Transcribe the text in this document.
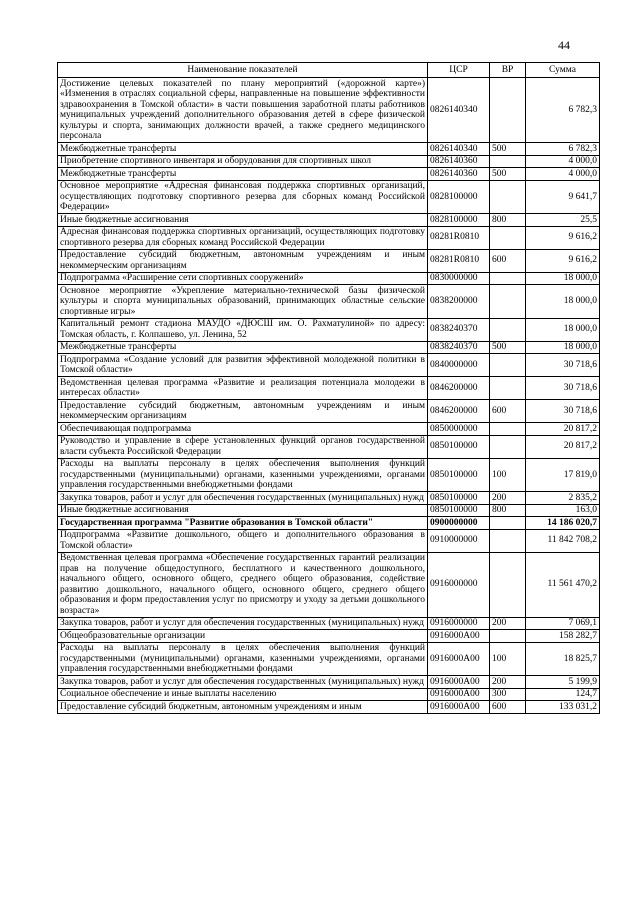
44
Наименование показателей	ЦСР	ВР	Сумма
Достижение целевых показателей по плану мероприятий («дорожной карте») «Изменения в отраслях социальной сферы, направленные на повышение эффективности здравоохранения в Томской области» в части повышения заработной платы работников муниципальных учреждений дополнительного образования детей в сфере физической культуры и спорта, занимающих должности врачей, а также среднего медицинского персонала	0826140340		6 782,3
Межбюджетные трансферты	0826140340	500	6 782,3
Приобретение спортивного инвентаря и оборудования для спортивных школ	0826140360		4 000,0
Межбюджетные трансферты	0826140360	500	4 000,0
Основное мероприятие «Адресная финансовая поддержка спортивных организаций, осуществляющих подготовку спортивного резерва для сборных команд Российской Федерации»	0828100000		9 641,7
Иные бюджетные ассигнования	0828100000	800	25,5
Адресная финансовая поддержка спортивных организаций, осуществляющих подготовку спортивного резерва для сборных команд Российской Федерации	08281R0810		9 616,2
Предоставление субсидий бюджетным, автономным учреждениям и иным некоммерческим организациям	08281R0810	600	9 616,2
Подпрограмма «Расширение сети спортивных сооружений»	0830000000		18 000,0
Основное мероприятие «Укрепление материально-технической базы физической культуры и спорта муниципальных образований, принимающих областные сельские спортивные игры»	0838200000		18 000,0
Капитальный ремонт стадиона МАУДО «ДЮСШ им. О. Рахматулиной» по адресу: Томская область, г. Колпашево, ул. Ленина, 52	0838240370		18 000,0
Межбюджетные трансферты	0838240370	500	18 000,0
Подпрограмма «Создание условий для развития эффективной молодежной политики в Томской области»	0840000000		30 718,6
Ведомственная целевая программа «Развитие и реализация потенциала молодежи в интересах области»	0846200000		30 718,6
Предоставление субсидий бюджетным, автономным учреждениям и иным некоммерческим организациям	0846200000	600	30 718,6
Обеспечивающая подпрограмма	0850000000		20 817,2
Руководство и управление в сфере установленных функций органов государственной власти субъекта Российской Федерации	0850100000		20 817,2
Расходы на выплаты персоналу в целях обеспечения выполнения функций государственными (муниципальными) органами, казенными учреждениями, органами управления государственными внебюджетными фондами	0850100000	100	17 819,0
Закупка товаров, работ и услуг для обеспечения государственных (муниципальных) нужд	0850100000	200	2 835,2
Иные бюджетные ассигнования	0850100000	800	163,0
Государственная программа "Развитие образования в Томской области"	0900000000		14 186 020,7
Подпрограмма «Развитие дошкольного, общего и дополнительного образования в Томской области»	0910000000		11 842 708,2
Ведомственная целевая программа «Обеспечение государственных гарантий реализации прав на получение общедоступного, бесплатного и качественного дошкольного, начального общего, основного общего, среднего общего образования, содействие развитию дошкольного, начального общего, основного общего, среднего общего образования и форм предоставления услуг по присмотру и уходу за детьми дошкольного возраста»	0916000000		11 561 470,2
Закупка товаров, работ и услуг для обеспечения государственных (муниципальных) нужд	0916000000	200	7 069,1
Общеобразовательные организации	0916000А00		158 282,7
Расходы на выплаты персоналу в целях обеспечения выполнения функций государственными (муниципальными) органами, казенными учреждениями, органами управления государственными внебюджетными фондами	0916000А00	100	18 825,7
Закупка товаров, работ и услуг для обеспечения государственных (муниципальных) нужд	0916000А00	200	5 199,9
Социальное обеспечение и иные выплаты населению	0916000А00	300	124,7
Предоставление субсидий бюджетным, автономным учреждениям и иным	0916000А00	600	133 031,2
